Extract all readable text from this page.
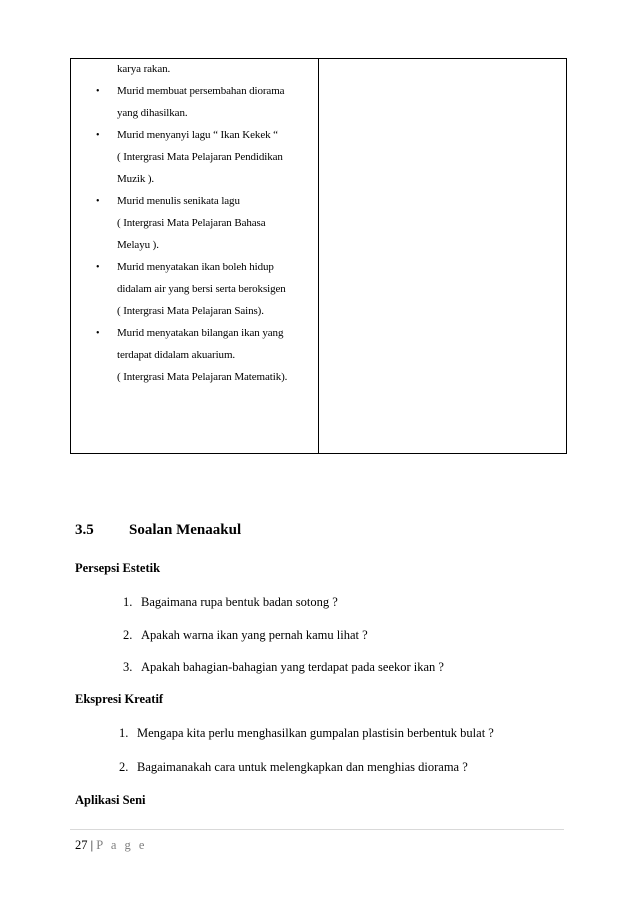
karya rakan.
• Murid membuat persembahan diorama
yang dihasilkan.
• Murid menyanyi lagu “ Ikan Kekek “
( Intergrasi Mata Pelajaran Pendidikan
Muzik ).
• Murid menulis senikata lagu
( Intergrasi Mata Pelajaran Bahasa
Melayu ).
• Murid menyatakan ikan boleh hidup
didalam air yang bersi serta beroksigen
( Intergrasi Mata Pelajaran Sains).
• Murid menyatakan bilangan ikan yang
terdapat didalam akuarium.
( Intergrasi Mata Pelajaran Matematik).
3.5 Soalan Menaakul
Persepsi Estetik
1. Bagaimana rupa bentuk badan sotong ?
2. Apakah warna ikan yang pernah kamu lihat ?
3. Apakah bahagian-bahagian yang terdapat pada seekor ikan ?
Ekspresi Kreatif
1. Mengapa kita perlu menghasilkan gumpalan plastisin berbentuk bulat ?
2. Bagaimanakah cara untuk melengkapkan dan menghias diorama ?
Aplikasi Seni
27 | P a g e
